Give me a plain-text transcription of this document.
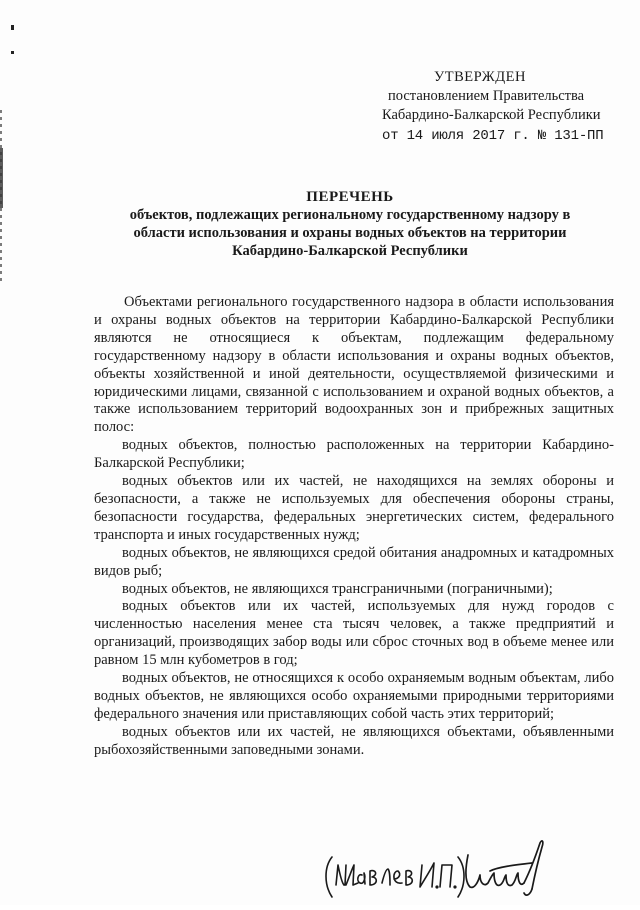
УТВЕРЖДЕН
постановлением Правительства
Кабардино-Балкарской Республики
от 14 июля 2017 г. № 131-ПП
ПЕРЕЧЕНЬ
объектов, подлежащих региональному государственному надзору в
области использования и охраны водных объектов на территории
Кабардино-Балкарской Республики

Объектами регионального государственного надзора в области использования и охраны водных объектов на территории Кабардино-Балкарской Республики являются не относящиеся к объектам, подлежащим федеральному государственному надзору в области использования и охраны водных объектов, объекты хозяйственной и иной деятельности, осуществляемой физическими и юридическими лицами, связанной с использованием и охраной водных объектов, а также использованием территорий водоохранных зон и прибрежных защитных полос:

водных объектов, полностью расположенных на территории Кабардино-Балкарской Республики;

водных объектов или их частей, не находящихся на землях обороны и безопасности, а также не используемых для обеспечения обороны страны, безопасности государства, федеральных энергетических систем, федерального транспорта и иных государственных нужд;

водных объектов, не являющихся средой обитания анадромных и катадромных видов рыб;

водных объектов, не являющихся трансграничными (пограничными);

водных объектов или их частей, используемых для нужд городов с численностью населения менее ста тысяч человек, а также предприятий и организаций, производящих забор воды или сброс сточных вод в объеме менее или равном 15 млн кубометров в год;

водных объектов, не относящихся к особо охраняемым водным объектам, либо водных объектов, не являющихся особо охраняемыми природными территориями федерального значения или приставляющих собой часть этих территорий;

водных объектов или их частей, не являющихся объектами, объявленными рыбохозяйственными заповедными зонами.
